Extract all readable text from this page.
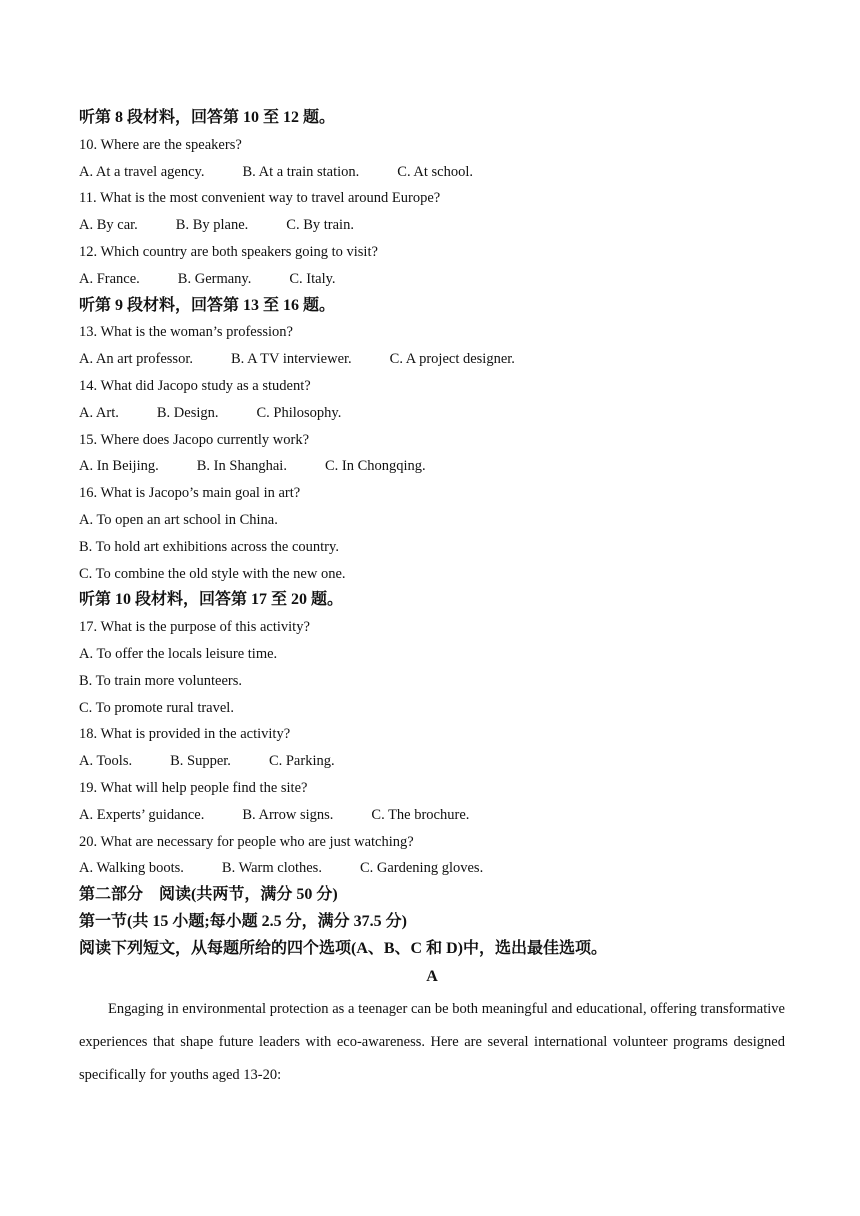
听第 8 段材料，回答第 10 至 12 题。
10. Where are the speakers?
A. At a travel agency.	B. At a train station.	C. At school.
11. What is the most convenient way to travel around Europe?
A. By car.	B. By plane.	C. By train.
12. Which country are both speakers going to visit?
A. France.	B. Germany.	C. Italy.
听第 9 段材料，回答第 13 至 16 题。
13. What is the woman’s profession?
A. An art professor.	B. A TV interviewer.	C. A project designer.
14. What did Jacopo study as a student?
A. Art.	B. Design.	C. Philosophy.
15. Where does Jacopo currently work?
A. In Beijing.	B. In Shanghai.	C. In Chongqing.
16. What is Jacopo’s main goal in art?
A. To open an art school in China.
B. To hold art exhibitions across the country.
C. To combine the old style with the new one.
听第 10 段材料，回答第 17 至 20 题。
17. What is the purpose of this activity?
A. To offer the locals leisure time.
B. To train more volunteers.
C. To promote rural travel.
18. What is provided in the activity?
A. Tools.	B. Supper.	C. Parking.
19. What will help people find the site?
A. Experts’ guidance.	B. Arrow signs.	C. The brochure.
20. What are necessary for people who are just watching?
A. Walking boots.	B. Warm clothes.	C. Gardening gloves.
第二部分　阅读(共两节，满分 50 分)
第一节(共 15 小题;每小题 2.5 分，满分 37.5 分)
阅读下列短文，从每题所给的四个选项(A、B、C 和 D)中，选出最佳选项。
A
Engaging in environmental protection as a teenager can be both meaningful and educational, offering transformative experiences that shape future leaders with eco-awareness. Here are several international volunteer programs designed specifically for youths aged 13-20:
